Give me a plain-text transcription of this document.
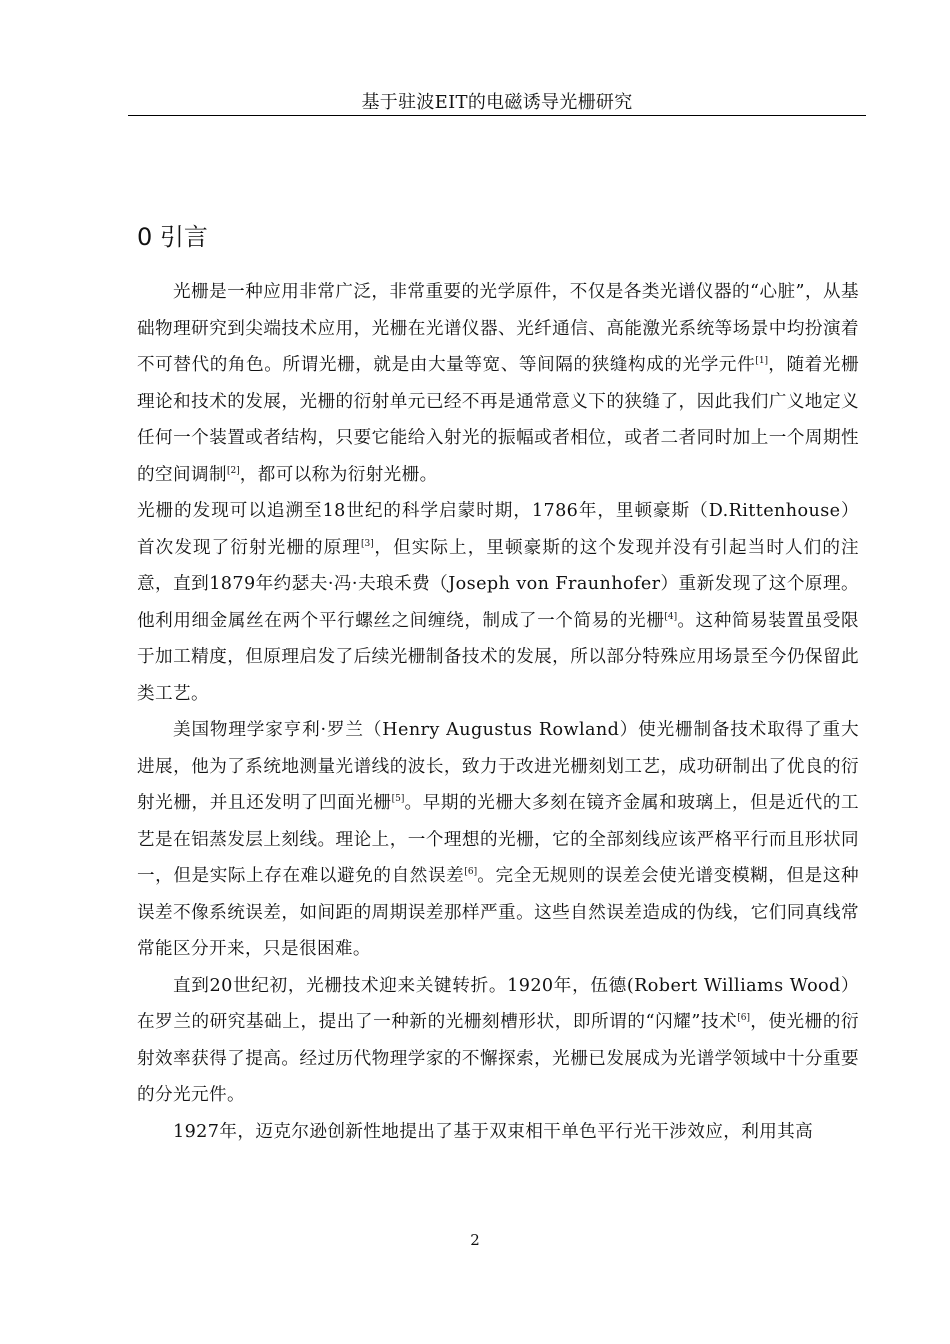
基于驻波EIT的电磁诱导光栅研究
0 引言

光栅是一种应用非常广泛，非常重要的光学原件，不仅是各类光谱仪器的“心脏”，从基础物理研究到尖端技术应用，光栅在光谱仪器、光纤通信、高能激光系统等场景中均扮演着不可替代的角色。所谓光栅，就是由大量等宽、等间隔的狭缝构成的光学元件[1]，随着光栅理论和技术的发展，光栅的衍射单元已经不再是通常意义下的狭缝了，因此我们广义地定义任何一个装置或者结构，只要它能给入射光的振幅或者相位，或者二者同时加上一个周期性的空间调制[2]，都可以称为衍射光栅。

光栅的发现可以追溯至18世纪的科学启蒙时期，1786年，里顿豪斯（D.Rittenhouse）首次发现了衍射光栅的原理[3]，但实际上，里顿豪斯的这个发现并没有引起当时人们的注意，直到1879年约瑟夫·冯·夫琅禾费（Joseph von Fraunhofer）重新发现了这个原理。他利用细金属丝在两个平行螺丝之间缠绕，制成了一个简易的光栅[4]。这种简易装置虽受限于加工精度，但原理启发了后续光栅制备技术的发展，所以部分特殊应用场景至今仍保留此类工艺。

美国物理学家亨利·罗兰（Henry Augustus Rowland）使光栅制备技术取得了重大进展，他为了系统地测量光谱线的波长，致力于改进光栅刻划工艺，成功研制出了优良的衍射光栅，并且还发明了凹面光栅[5]。早期的光栅大多刻在镜齐金属和玻璃上，但是近代的工艺是在铝蒸发层上刻线。理论上，一个理想的光栅，它的全部刻线应该严格平行而且形状同一，但是实际上存在难以避免的自然误差[6]。完全无规则的误差会使光谱变模糊，但是这种误差不像系统误差，如间距的周期误差那样严重。这些自然误差造成的伪线，它们同真线常常能区分开来，只是很困难。

直到20世纪初，光栅技术迎来关键转折。1920年，伍德(Robert Williams Wood）在罗兰的研究基础上，提出了一种新的光栅刻槽形状，即所谓的“闪耀”技术[6]，使光栅的衍射效率获得了提高。经过历代物理学家的不懈探索，光栅已发展成为光谱学领域中十分重要的分光元件。

1927年，迈克尔逊创新性地提出了基于双束相干单色平行光干涉效应，利用其高

2
